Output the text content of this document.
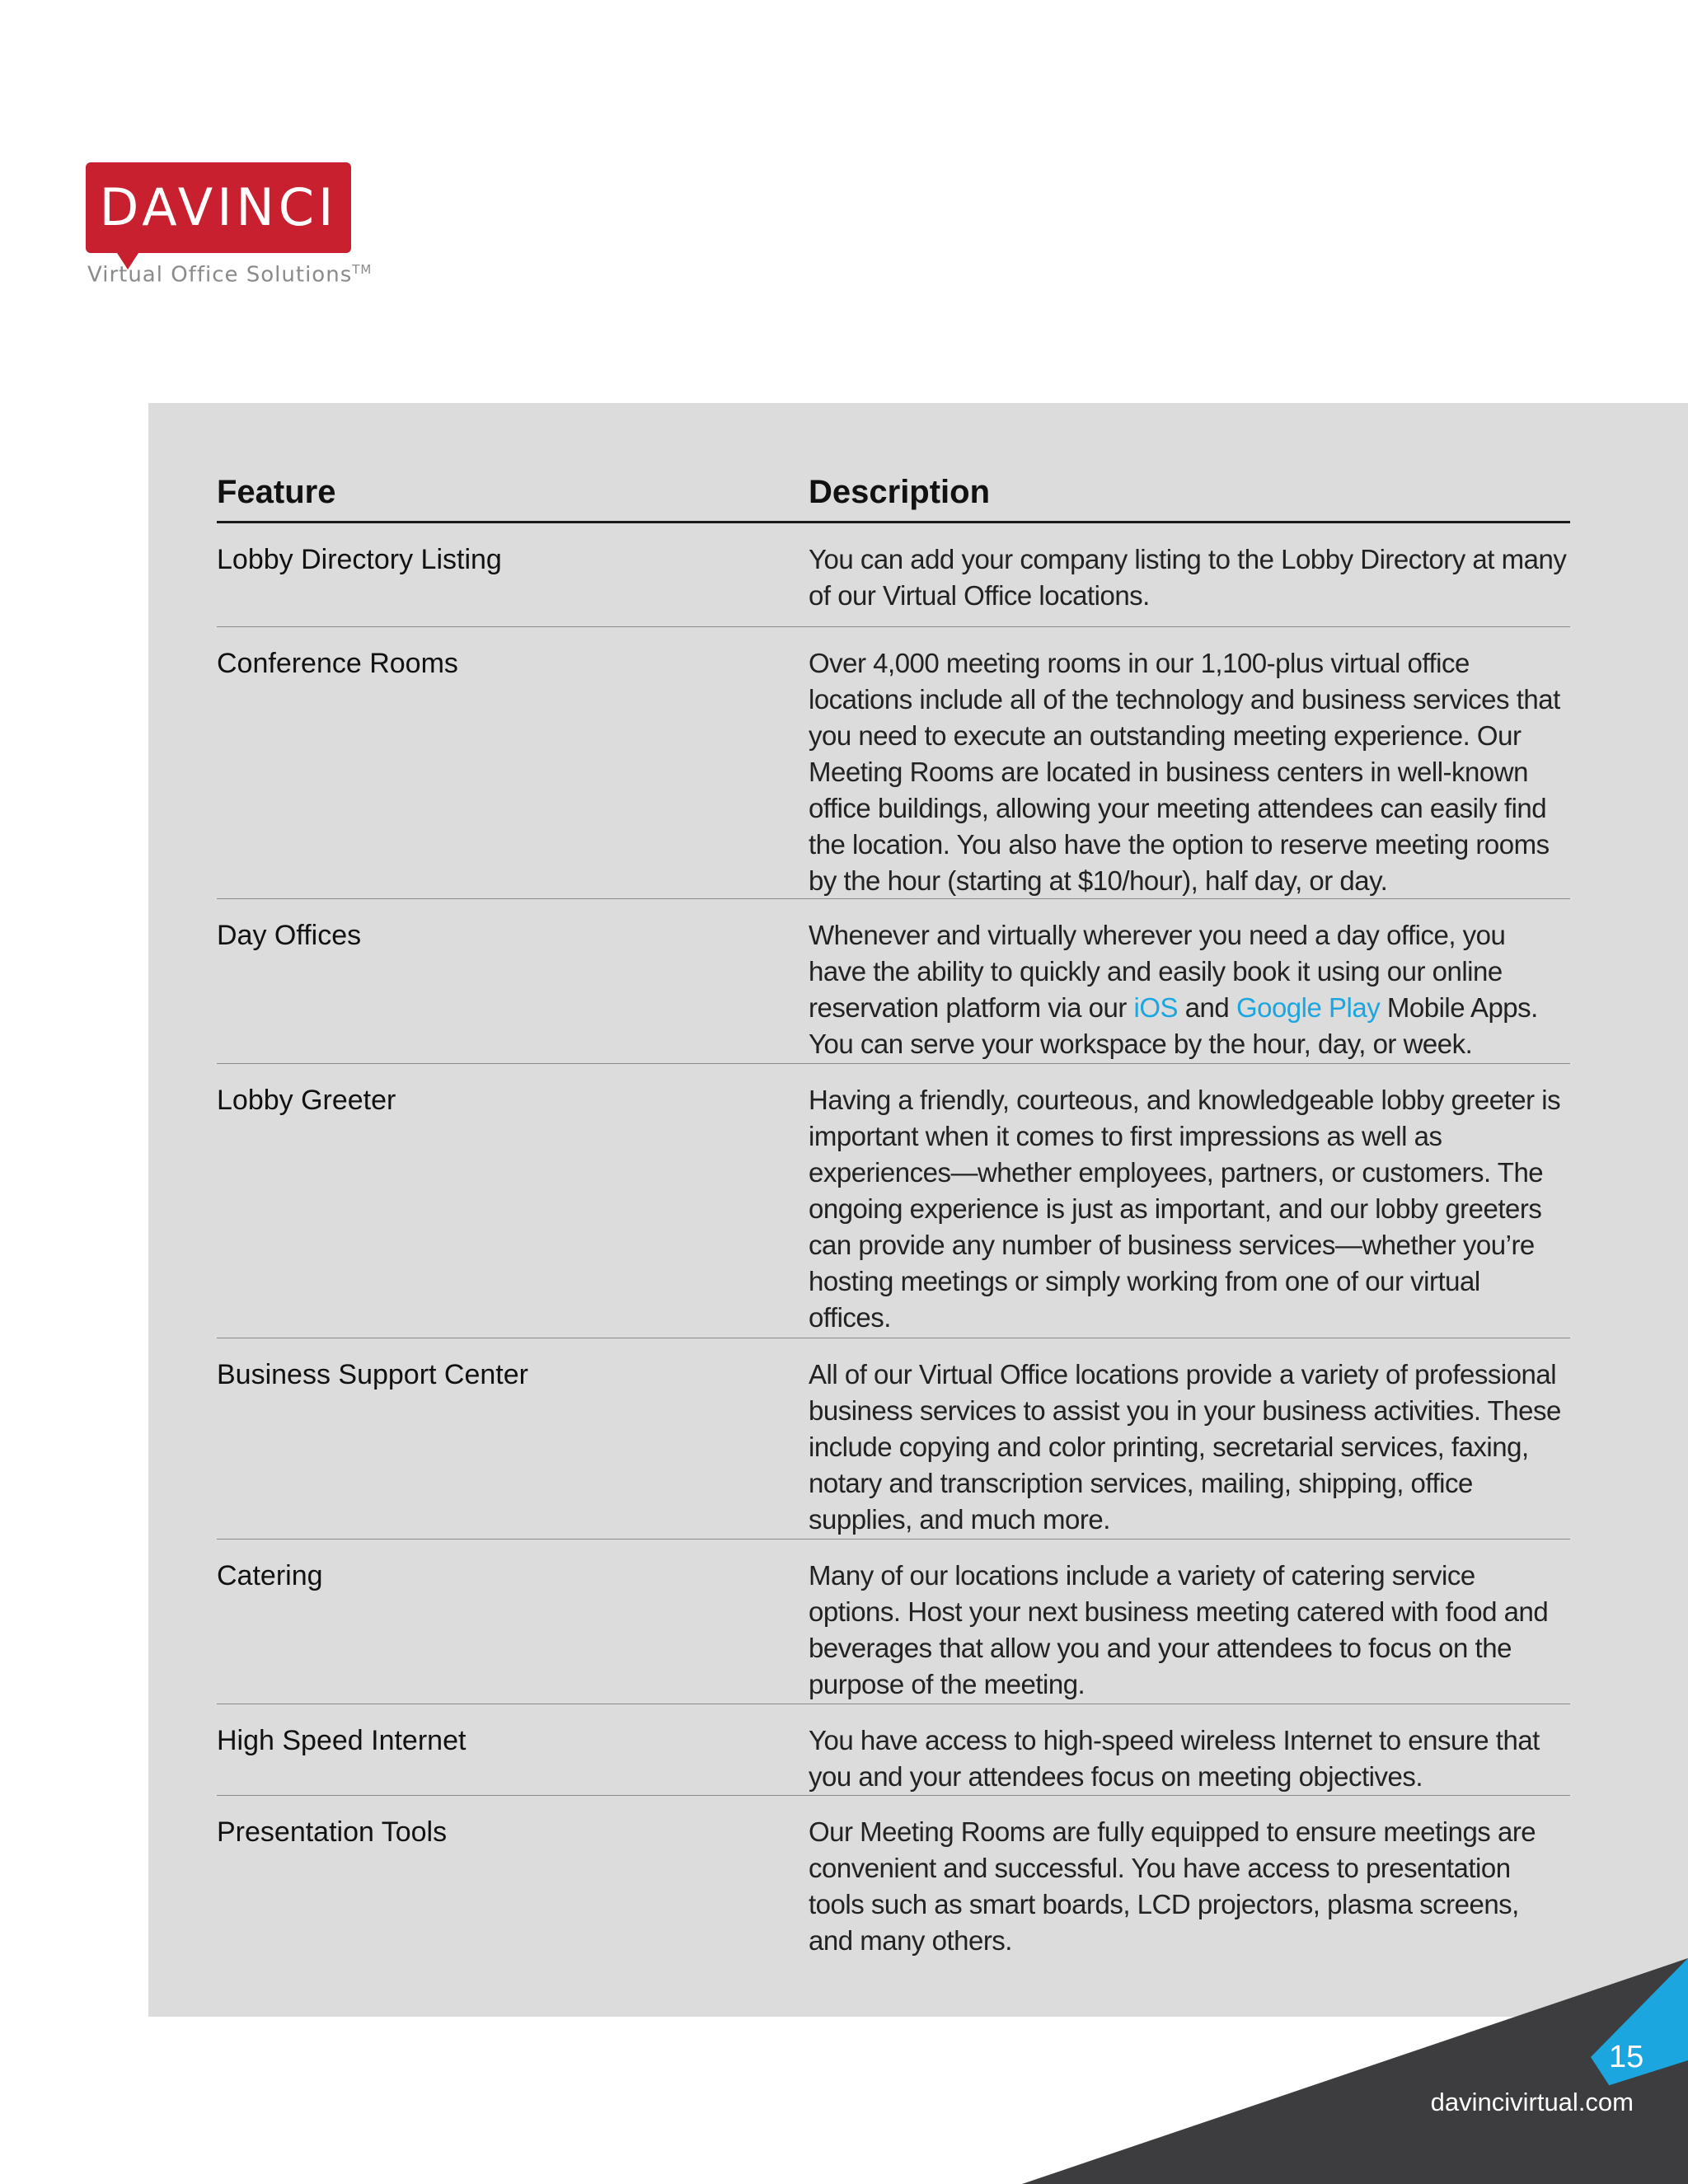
DAVINCI
Virtual Office Solutions™
Feature	Description
Lobby Directory Listing	You can add your company listing to the Lobby Directory at many of our Virtual Office locations.
Conference Rooms	Over 4,000 meeting rooms in our 1,100-plus virtual office locations include all of the technology and business services that you need to execute an outstanding meeting experience. Our Meeting Rooms are located in business centers in well-known office buildings, allowing your meeting attendees can easily find the location. You also have the option to reserve meeting rooms by the hour (starting at $10/hour), half day, or day.
Day Offices	Whenever and virtually wherever you need a day office, you have the ability to quickly and easily book it using our online reservation platform via our iOS and Google Play Mobile Apps. You can serve your workspace by the hour, day, or week.
Lobby Greeter	Having a friendly, courteous, and knowledgeable lobby greeter is important when it comes to first impressions as well as experiences—whether employees, partners, or customers. The ongoing experience is just as important, and our lobby greeters can provide any number of business services—whether you’re hosting meetings or simply working from one of our virtual offices.
Business Support Center	All of our Virtual Office locations provide a variety of professional business services to assist you in your business activities. These include copying and color printing, secretarial services, faxing, notary and transcription services, mailing, shipping, office supplies, and much more.
Catering	Many of our locations include a variety of catering service options. Host your next business meeting catered with food and beverages that allow you and your attendees to focus on the purpose of the meeting.
High Speed Internet	You have access to high-speed wireless Internet to ensure that you and your attendees focus on meeting objectives.
Presentation Tools	Our Meeting Rooms are fully equipped to ensure meetings are convenient and successful. You have access to presentation tools such as smart boards, LCD projectors, plasma screens, and many others.
15
davincivirtual.com
